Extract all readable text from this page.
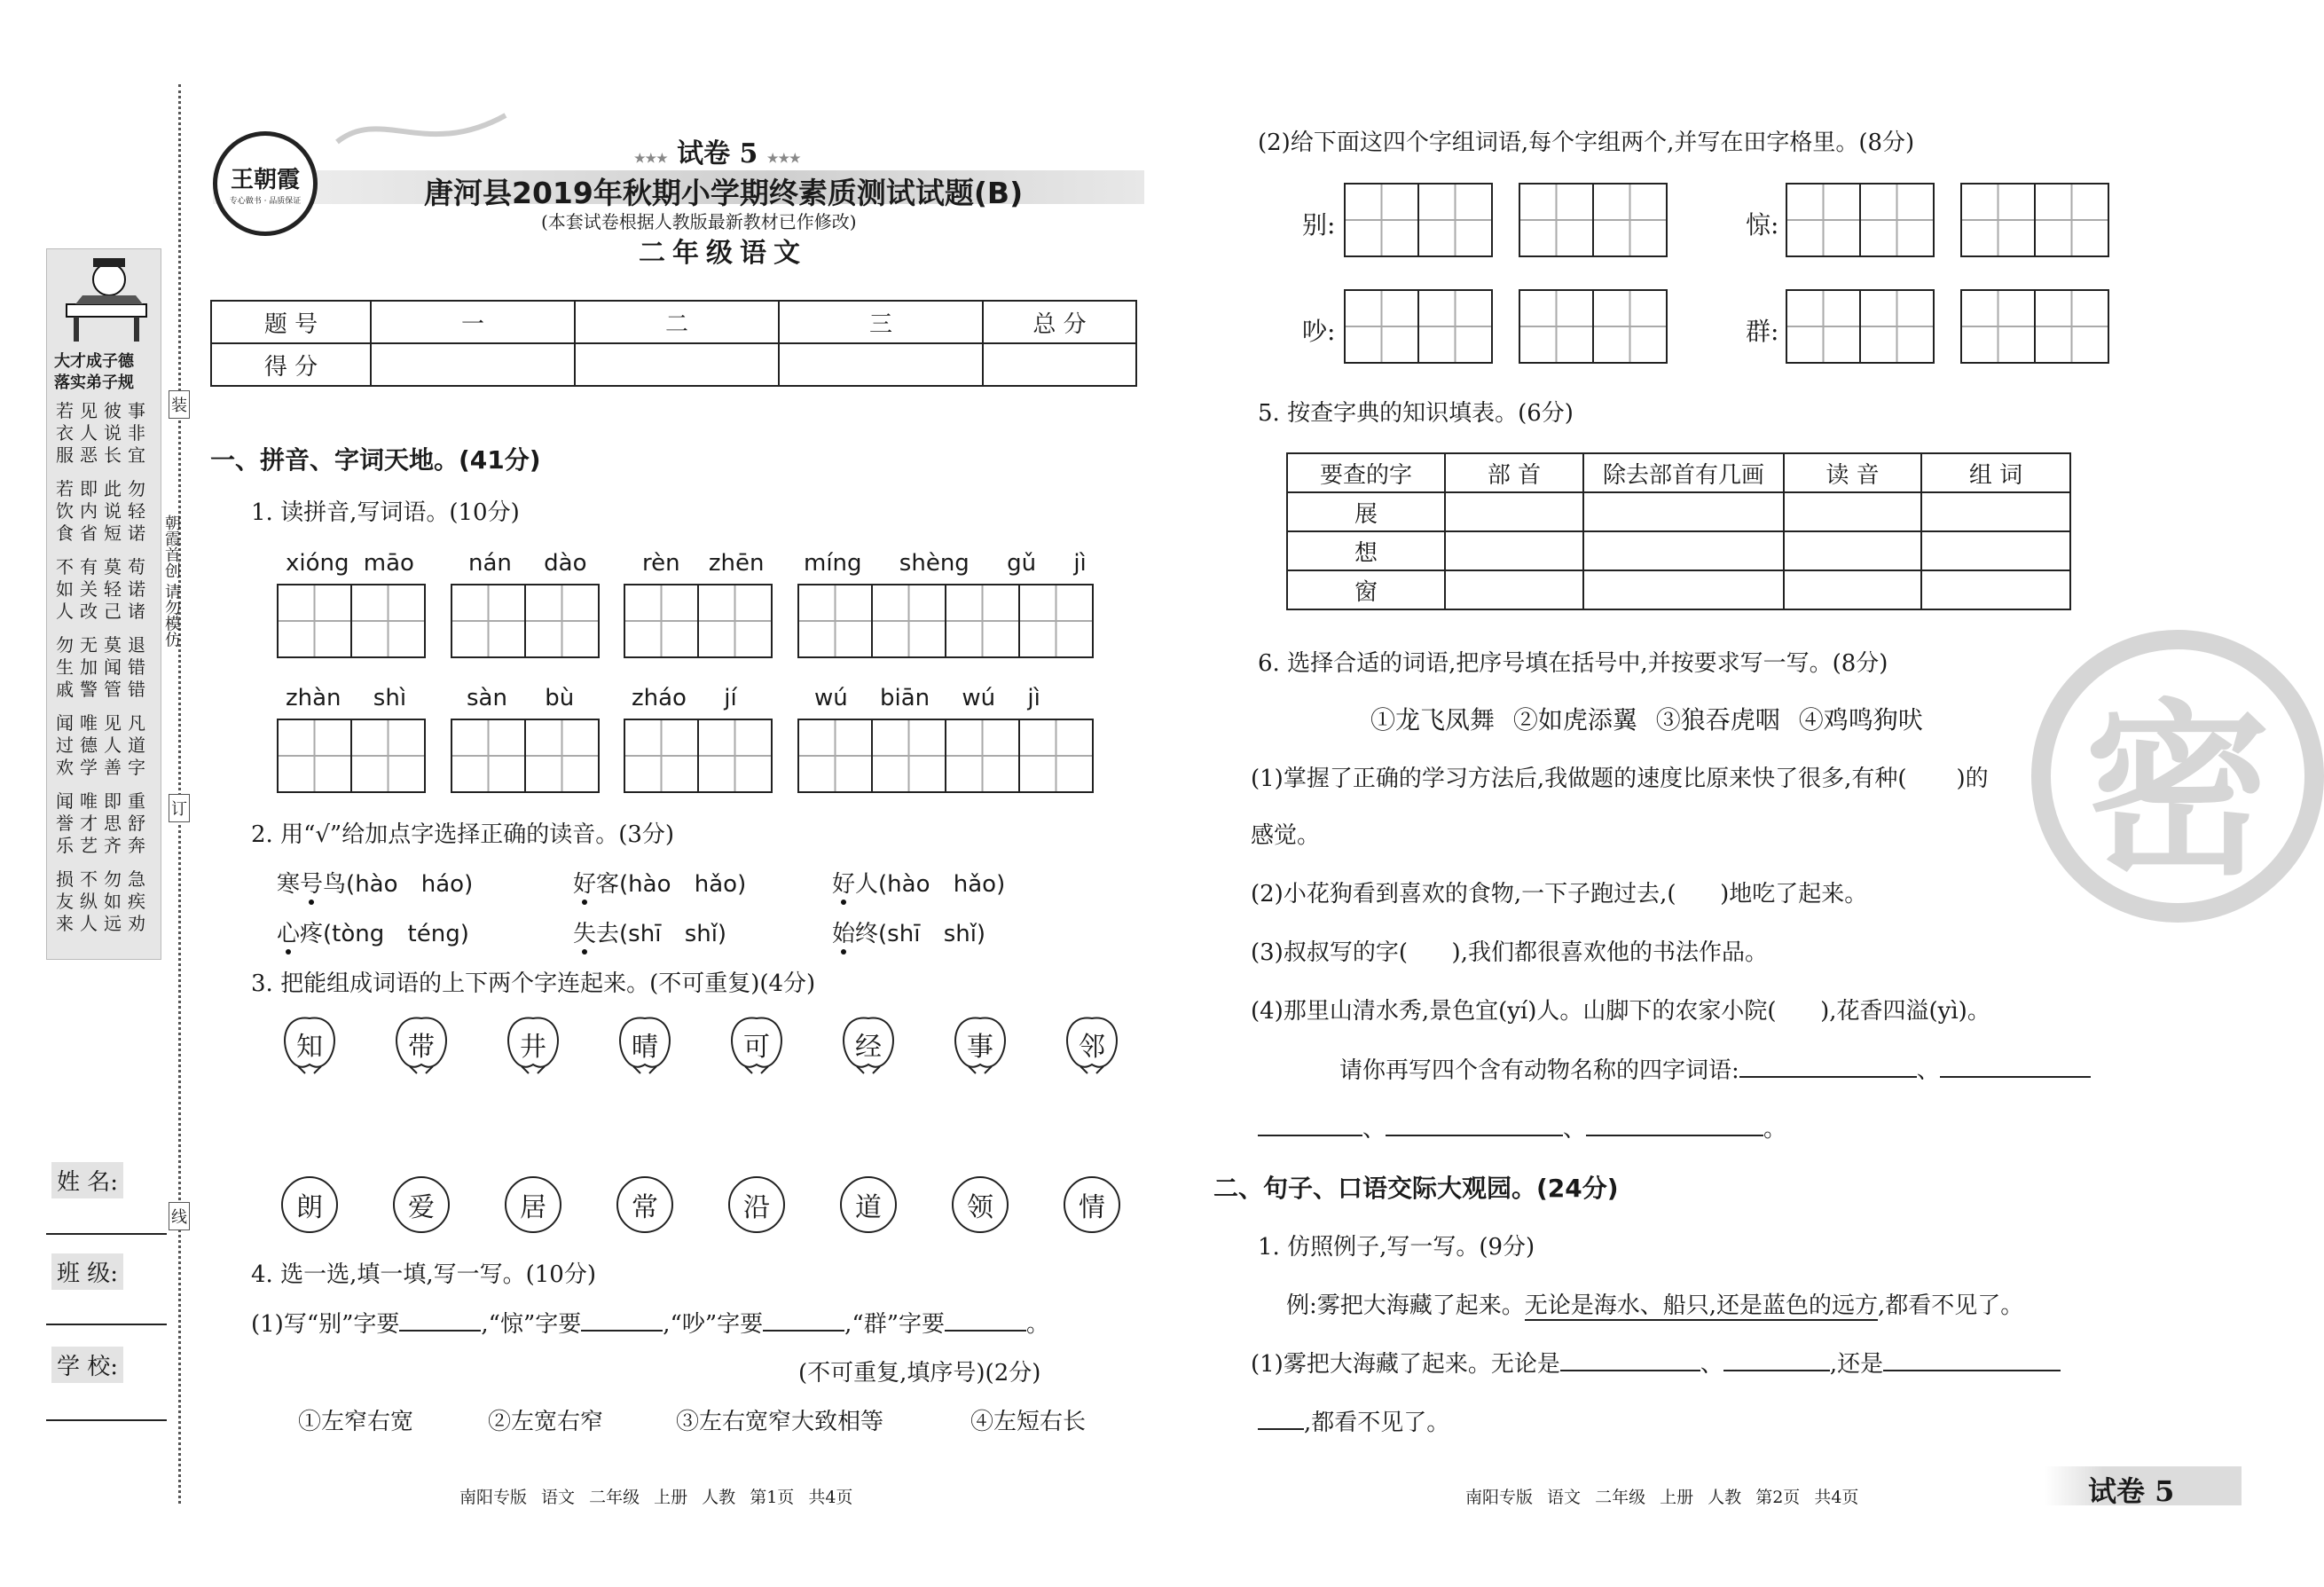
大才成子德
落实弟子规
若衣服
见人恶
彼说长
事非宜
若饮食
即内省
此说短
勿轻诺
不如人
有关改
莫轻己
苟诺诸
勿生戚
无加警
莫闻管
退错错
闻过欢
唯德学
见人善
凡道字
闻誉乐
唯才艺
即思齐
重舒奔
损友来
不纵人
勿如远
急疾劝
朝霞首创 请勿模仿
装
订
线
姓 名:
班 级:
学 校:
王朝霞
专心做书 · 品质保证
★★★ 试卷 5 ★★★
唐河县2019年秋期小学期终素质测试试题(B)
(本套试卷根据人教版最新教材已作修改)
二年级语文
题 号	一	二	三	总 分
得 分				
一、拼音、字词天地。(41分)
1. 读拼音,写词语。(10分)
xióng māo nán dào rèn zhēn míng shèng gǔ jì
zhàn shì	sàn bù zháo jí	wú biān wú jì
2. 用“√”给加点字选择正确的读音。(3分)
寒号鸟(hào háo)	好客(hào hǎo)	好人(hào hǎo)
心疼(tòng téng)	失去(shī shǐ)	始终(shī shǐ)
3. 把能组成词语的上下两个字连起来。(不可重复)(4分)
知	带	井	晴	可	经	事	邻
朗	爱	居	常	沿	道	领	情
4. 选一选,填一填,写一写。(10分)
(1)写“别”字要	,“惊”字要	,“吵”字要	,“群”字要	。
(不可重复,填序号)(2分)
①左窄右宽	②左宽右窄	③左右宽窄大致相等	④左短右长
南阳专版 语文 二年级 上册 人教 第1页 共4页
(2)给下面这四个字组词语,每个字组两个,并写在田字格里。(8分)
别:	惊:
吵:	群:
5. 按查字典的知识填表。(6分)
要查的字	部 首	除去部首有几画	读 音	组 词
展				
想				
窗				
密
6. 选择合适的词语,把序号填在括号中,并按要求写一写。(8分)
①龙飞凤舞 ②如虎添翼 ③狼吞虎咽 ④鸡鸣狗吠
(1)掌握了正确的学习方法后,我做题的速度比原来快了很多,有种( )的
感觉。
(2)小花狗看到喜欢的食物,一下子跑过去,(      )地吃了起来。
(3)叔叔写的字(      ),我们都很喜欢他的书法作品。
(4)那里山清水秀,景色宜(yí)人。山脚下的农家小院(      ),花香四溢(yì)。
请你再写四个含有动物名称的四字词语:	、
、	、	。
二、句子、口语交际大观园。(24分)
1. 仿照例子,写一写。(9分)
例:雾把大海藏了起来。无论是海水、船只,还是蓝色的远方,都看不见了。
(1)雾把大海藏了起来。无论是	、	,还是
,都看不见了。
南阳专版 语文 二年级 上册 人教 第2页 共4页	试卷 5
